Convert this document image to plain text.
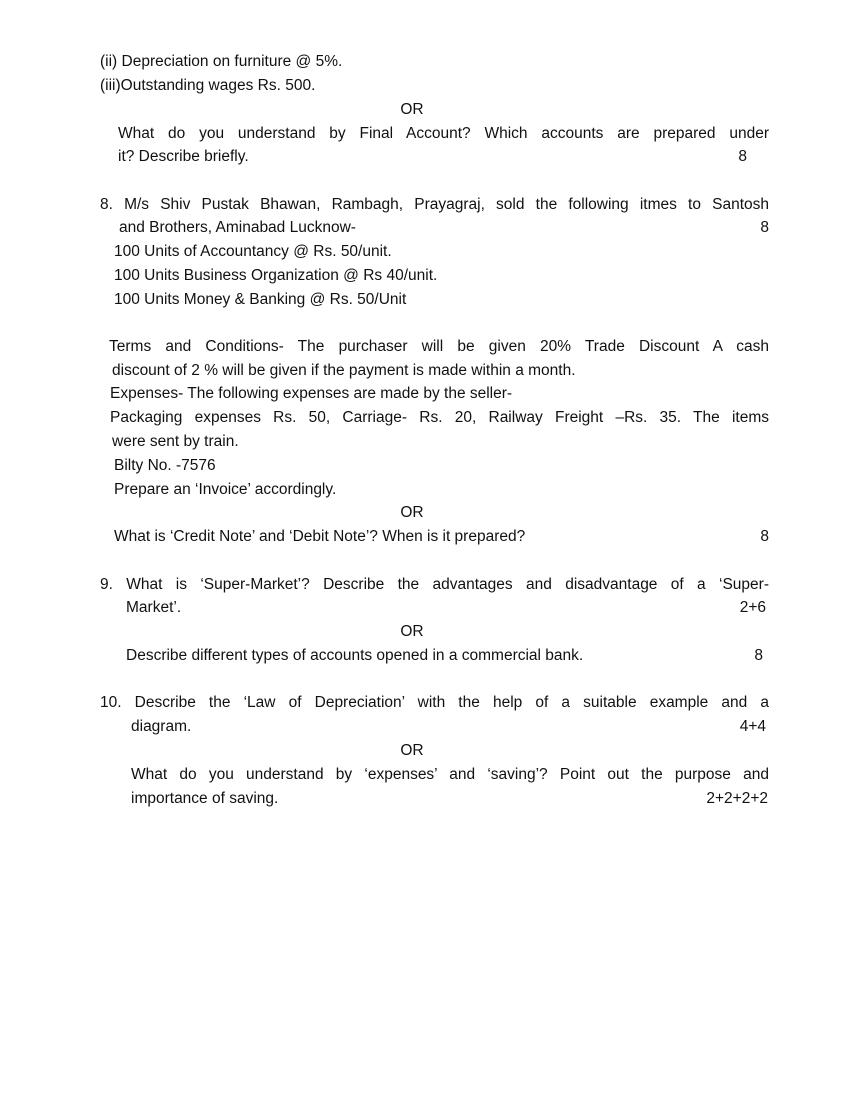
(ii) Depreciation on furniture @ 5%.
(iii)Outstanding wages Rs. 500.
OR
What do you understand by Final Account? Which accounts are prepared under
it? Describe briefly.	8
8. M/s Shiv Pustak Bhawan, Rambagh, Prayagraj, sold the following itmes to Santosh
and Brothers, Aminabad Lucknow-	8
100 Units of Accountancy @ Rs. 50/unit.
100 Units Business Organization @ Rs 40/unit.
100 Units Money & Banking @ Rs. 50/Unit
Terms and Conditions- The purchaser will be given 20% Trade Discount A cash
discount of 2 % will be given if the payment is made within a month.
Expenses- The following expenses are made by the seller-
Packaging expenses Rs. 50, Carriage- Rs. 20, Railway Freight –Rs. 35. The items
were sent by train.
Bilty No. -7576
Prepare an ‘Invoice’ accordingly.
OR
What is ‘Credit Note’ and ‘Debit Note’? When is it prepared?	8
9. What is ‘Super-Market’? Describe the advantages and disadvantage of a ‘Super-
Market’.	2+6
OR
Describe different types of accounts opened in a commercial bank.	8
10. Describe the ‘Law of Depreciation’ with the help of a suitable example and a
diagram.	4+4
OR
What do you understand by ‘expenses’ and ‘saving’? Point out the purpose and
importance of saving.	2+2+2+2
